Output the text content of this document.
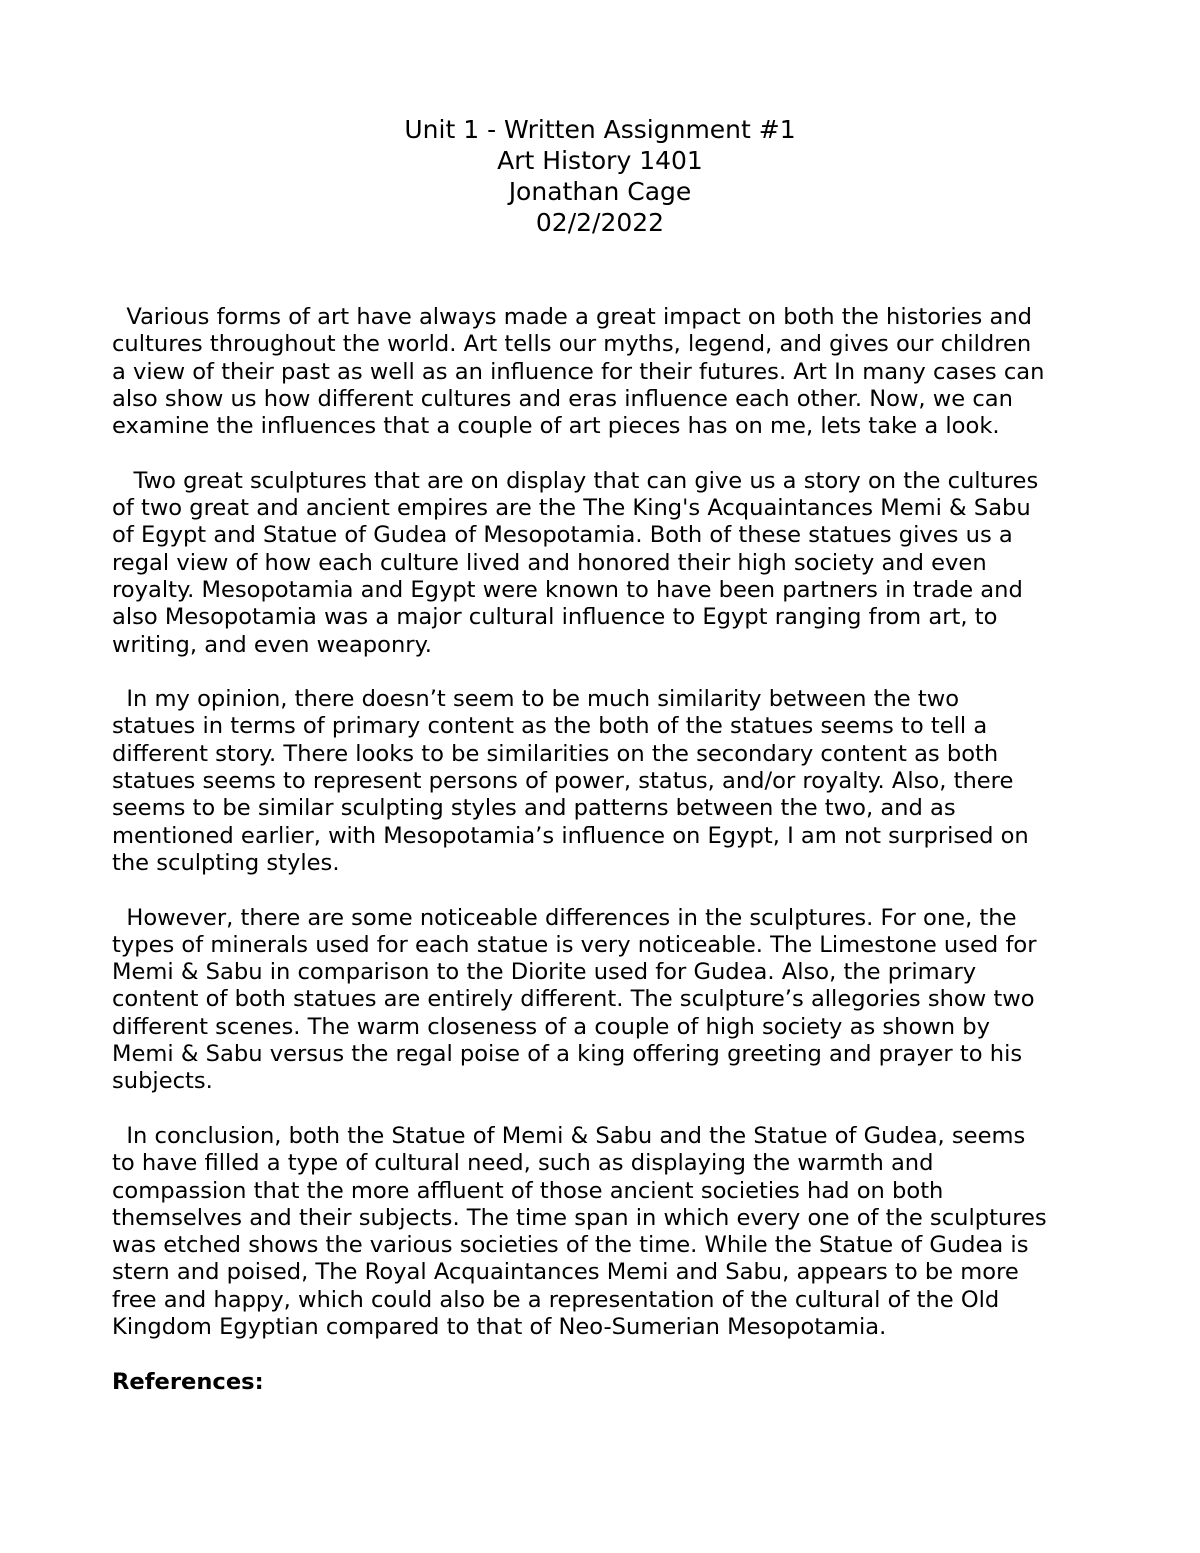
Unit 1 - Written Assignment #1
Art History 1401
Jonathan Cage
02/2/2022
Various forms of art have always made a great impact on both the histories and
cultures throughout the world. Art tells our myths, legend, and gives our children
a view of their past as well as an influence for their futures. Art In many cases can
also show us how different cultures and eras influence each other. Now, we can
examine the influences that a couple of art pieces has on me, lets take a look.
Two great sculptures that are on display that can give us a story on the cultures
of two great and ancient empires are the The King's Acquaintances Memi & Sabu
of Egypt and Statue of Gudea of Mesopotamia. Both of these statues gives us a
regal view of how each culture lived and honored their high society and even
royalty. Mesopotamia and Egypt were known to have been partners in trade and
also Mesopotamia was a major cultural influence to Egypt ranging from art, to
writing, and even weaponry.
In my opinion, there doesn’t seem to be much similarity between the two
statues in terms of primary content as the both of the statues seems to tell a
different story. There looks to be similarities on the secondary content as both
statues seems to represent persons of power, status, and/or royalty. Also, there
seems to be similar sculpting styles and patterns between the two, and as
mentioned earlier, with Mesopotamia’s influence on Egypt, I am not surprised on
the sculpting styles.
However, there are some noticeable differences in the sculptures. For one, the
types of minerals used for each statue is very noticeable. The Limestone used for
Memi & Sabu in comparison to the Diorite used for Gudea. Also, the primary
content of both statues are entirely different. The sculpture’s allegories show two
different scenes. The warm closeness of a couple of high society as shown by
Memi & Sabu versus the regal poise of a king offering greeting and prayer to his
subjects.
In conclusion, both the Statue of Memi & Sabu and the Statue of Gudea, seems
to have filled a type of cultural need, such as displaying the warmth and
compassion that the more affluent of those ancient societies had on both
themselves and their subjects. The time span in which every one of the sculptures
was etched shows the various societies of the time. While the Statue of Gudea is
stern and poised, The Royal Acquaintances Memi and Sabu, appears to be more
free and happy, which could also be a representation of the cultural of the Old
Kingdom Egyptian compared to that of Neo-Sumerian Mesopotamia.
References:
